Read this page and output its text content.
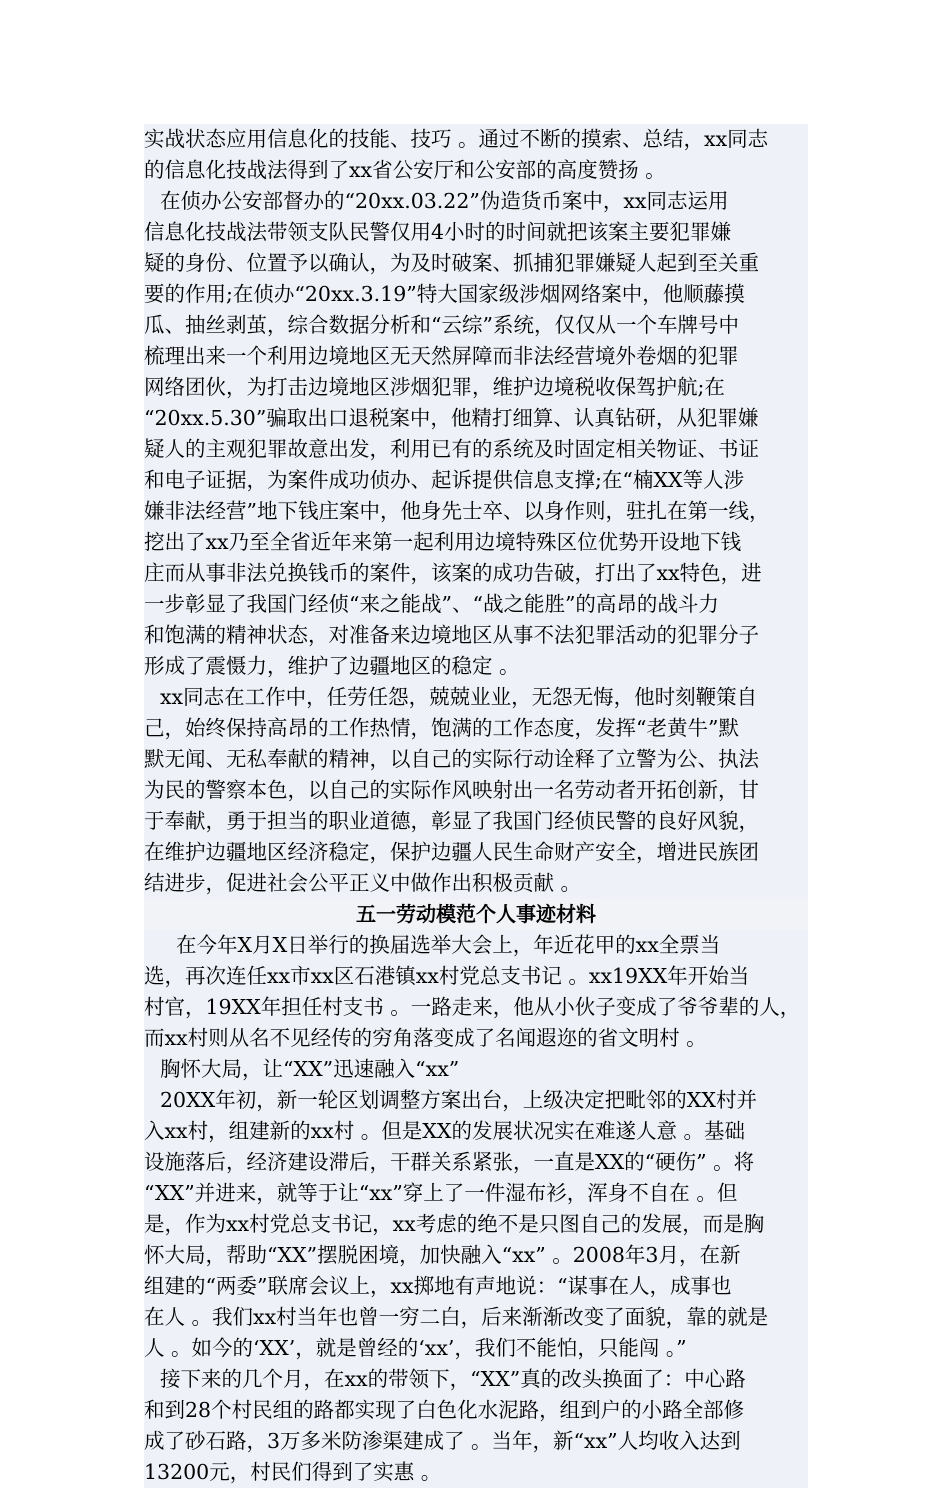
实战状态应用信息化的技能、技巧 。通过不断的摸索、总结，xx同志
的信息化技战法得到了xx省公安厅和公安部的高度赞扬 。
在侦办公安部督办的“20xx.03.22”伪造货币案中，xx同志运用
信息化技战法带领支队民警仅用4小时的时间就把该案主要犯罪嫌
疑的身份、位置予以确认，为及时破案、抓捕犯罪嫌疑人起到至关重
要的作用;在侦办“20xx.3.19”特大国家级涉烟网络案中，他顺藤摸
瓜、抽丝剥茧，综合数据分析和“云综”系统，仅仅从一个车牌号中
梳理出来一个利用边境地区无天然屏障而非法经营境外卷烟的犯罪
网络团伙，为打击边境地区涉烟犯罪，维护边境税收保驾护航;在
“20xx.5.30”骗取出口退税案中，他精打细算、认真钻研，从犯罪嫌
疑人的主观犯罪故意出发，利用已有的系统及时固定相关物证、书证
和电子证据，为案件成功侦办、起诉提供信息支撑;在“楠XX等人涉
嫌非法经营”地下钱庄案中，他身先士卒、以身作则，驻扎在第一线，
挖出了xx乃至全省近年来第一起利用边境特殊区位优势开设地下钱
庄而从事非法兑换钱币的案件，该案的成功告破，打出了xx特色，进
一步彰显了我国门经侦“来之能战”、“战之能胜”的高昂的战斗力
和饱满的精神状态，对准备来边境地区从事不法犯罪活动的犯罪分子
形成了震慑力，维护了边疆地区的稳定 。
xx同志在工作中，任劳任怨，兢兢业业，无怨无悔，他时刻鞭策自
己，始终保持高昂的工作热情，饱满的工作态度，发挥“老黄牛”默
默无闻、无私奉献的精神，以自己的实际行动诠释了立警为公、执法
为民的警察本色，以自己的实际作风映射出一名劳动者开拓创新，甘
于奉献，勇于担当的职业道德，彰显了我国门经侦民警的良好风貌，
在维护边疆地区经济稳定，保护边疆人民生命财产安全，增进民族团
结进步，促进社会公平正义中做作出积极贡献 。
五一劳动模范个人事迹材料
在今年X月X日举行的换届选举大会上，年近花甲的xx全票当
选，再次连任xx市xx区石港镇xx村党总支书记 。xx19XX年开始当
村官，19XX年担任村支书 。一路走来，他从小伙子变成了爷爷辈的人，
而xx村则从名不见经传的穷角落变成了名闻遐迩的省文明村 。
胸怀大局，让“XX”迅速融入“xx”
20XX年初，新一轮区划调整方案出台，上级决定把毗邻的XX村并
入xx村，组建新的xx村 。但是XX的发展状况实在难遂人意 。基础
设施落后，经济建设滞后，干群关系紧张，一直是XX的“硬伤” 。将
“XX”并进来，就等于让“xx”穿上了一件湿布衫，浑身不自在 。但
是，作为xx村党总支书记，xx考虑的绝不是只图自己的发展，而是胸
怀大局，帮助“XX”摆脱困境，加快融入“xx” 。2008年3月，在新
组建的“两委”联席会议上，xx掷地有声地说：“谋事在人，成事也
在人 。我们xx村当年也曾一穷二白，后来渐渐改变了面貌，靠的就是
人 。如今的‘XX’，就是曾经的‘xx’，我们不能怕，只能闯 。”
接下来的几个月，在xx的带领下，“XX”真的改头换面了：中心路
和到28个村民组的路都实现了白色化水泥路，组到户的小路全部修
成了砂石路，3万多米防渗渠建成了 。当年，新“xx”人均收入达到
13200元，村民们得到了实惠 。
